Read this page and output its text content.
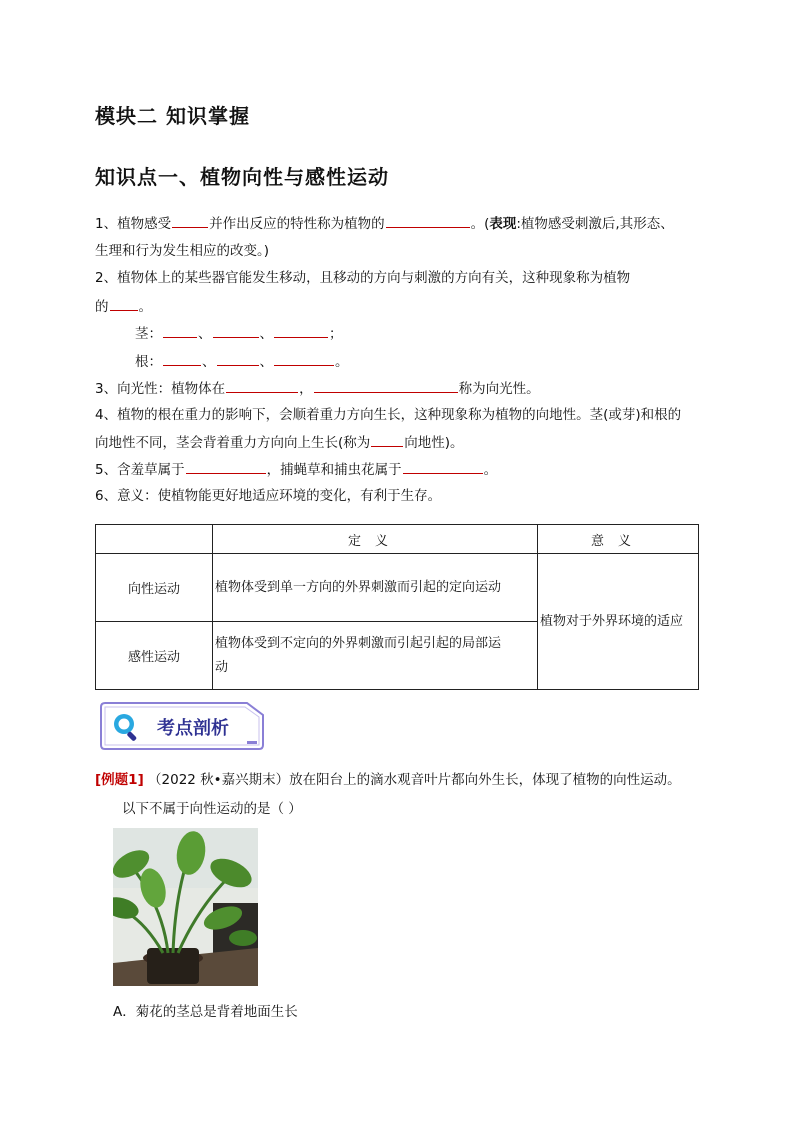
模块二 知识掌握
知识点一、植物向性与感性运动
1、植物感受	并作出反应的特性称为植物的	。(表现:植物感受刺激后,其形态、
生理和行为发生相应的改变。)
2、植物体上的某些器官能发生移动，且移动的方向与刺激的方向有关，这种现象称为植物
的 。
茎：	、	、	；
根：	、	、	。
3、向光性：植物体在	，	称为向光性。
4、植物的根在重力的影响下，会顺着重力方向生长，这种现象称为植物的向地性。茎(或芽)和根的
向地性不同，茎会背着重力方向向上生长(称为	向地性)。
5、含羞草属于	，捕蝇草和捕虫花属于	。
6、意义：使植物能更好地适应环境的变化，有利于生存。
	定义	意义
向性运动	植物体受到单一方向的外界刺激而引起的定向运动	植物对于外界环境的适应
感性运动	植物体受到不定向的外界刺激而引起引起的局部运
动	
考点剖析
[例题1] （2022 秋•嘉兴期末）放在阳台上的滴水观音叶片都向外生长，体现了植物的向性运动。
以下不属于向性运动的是（ ）
A．菊花的茎总是背着地面生长
